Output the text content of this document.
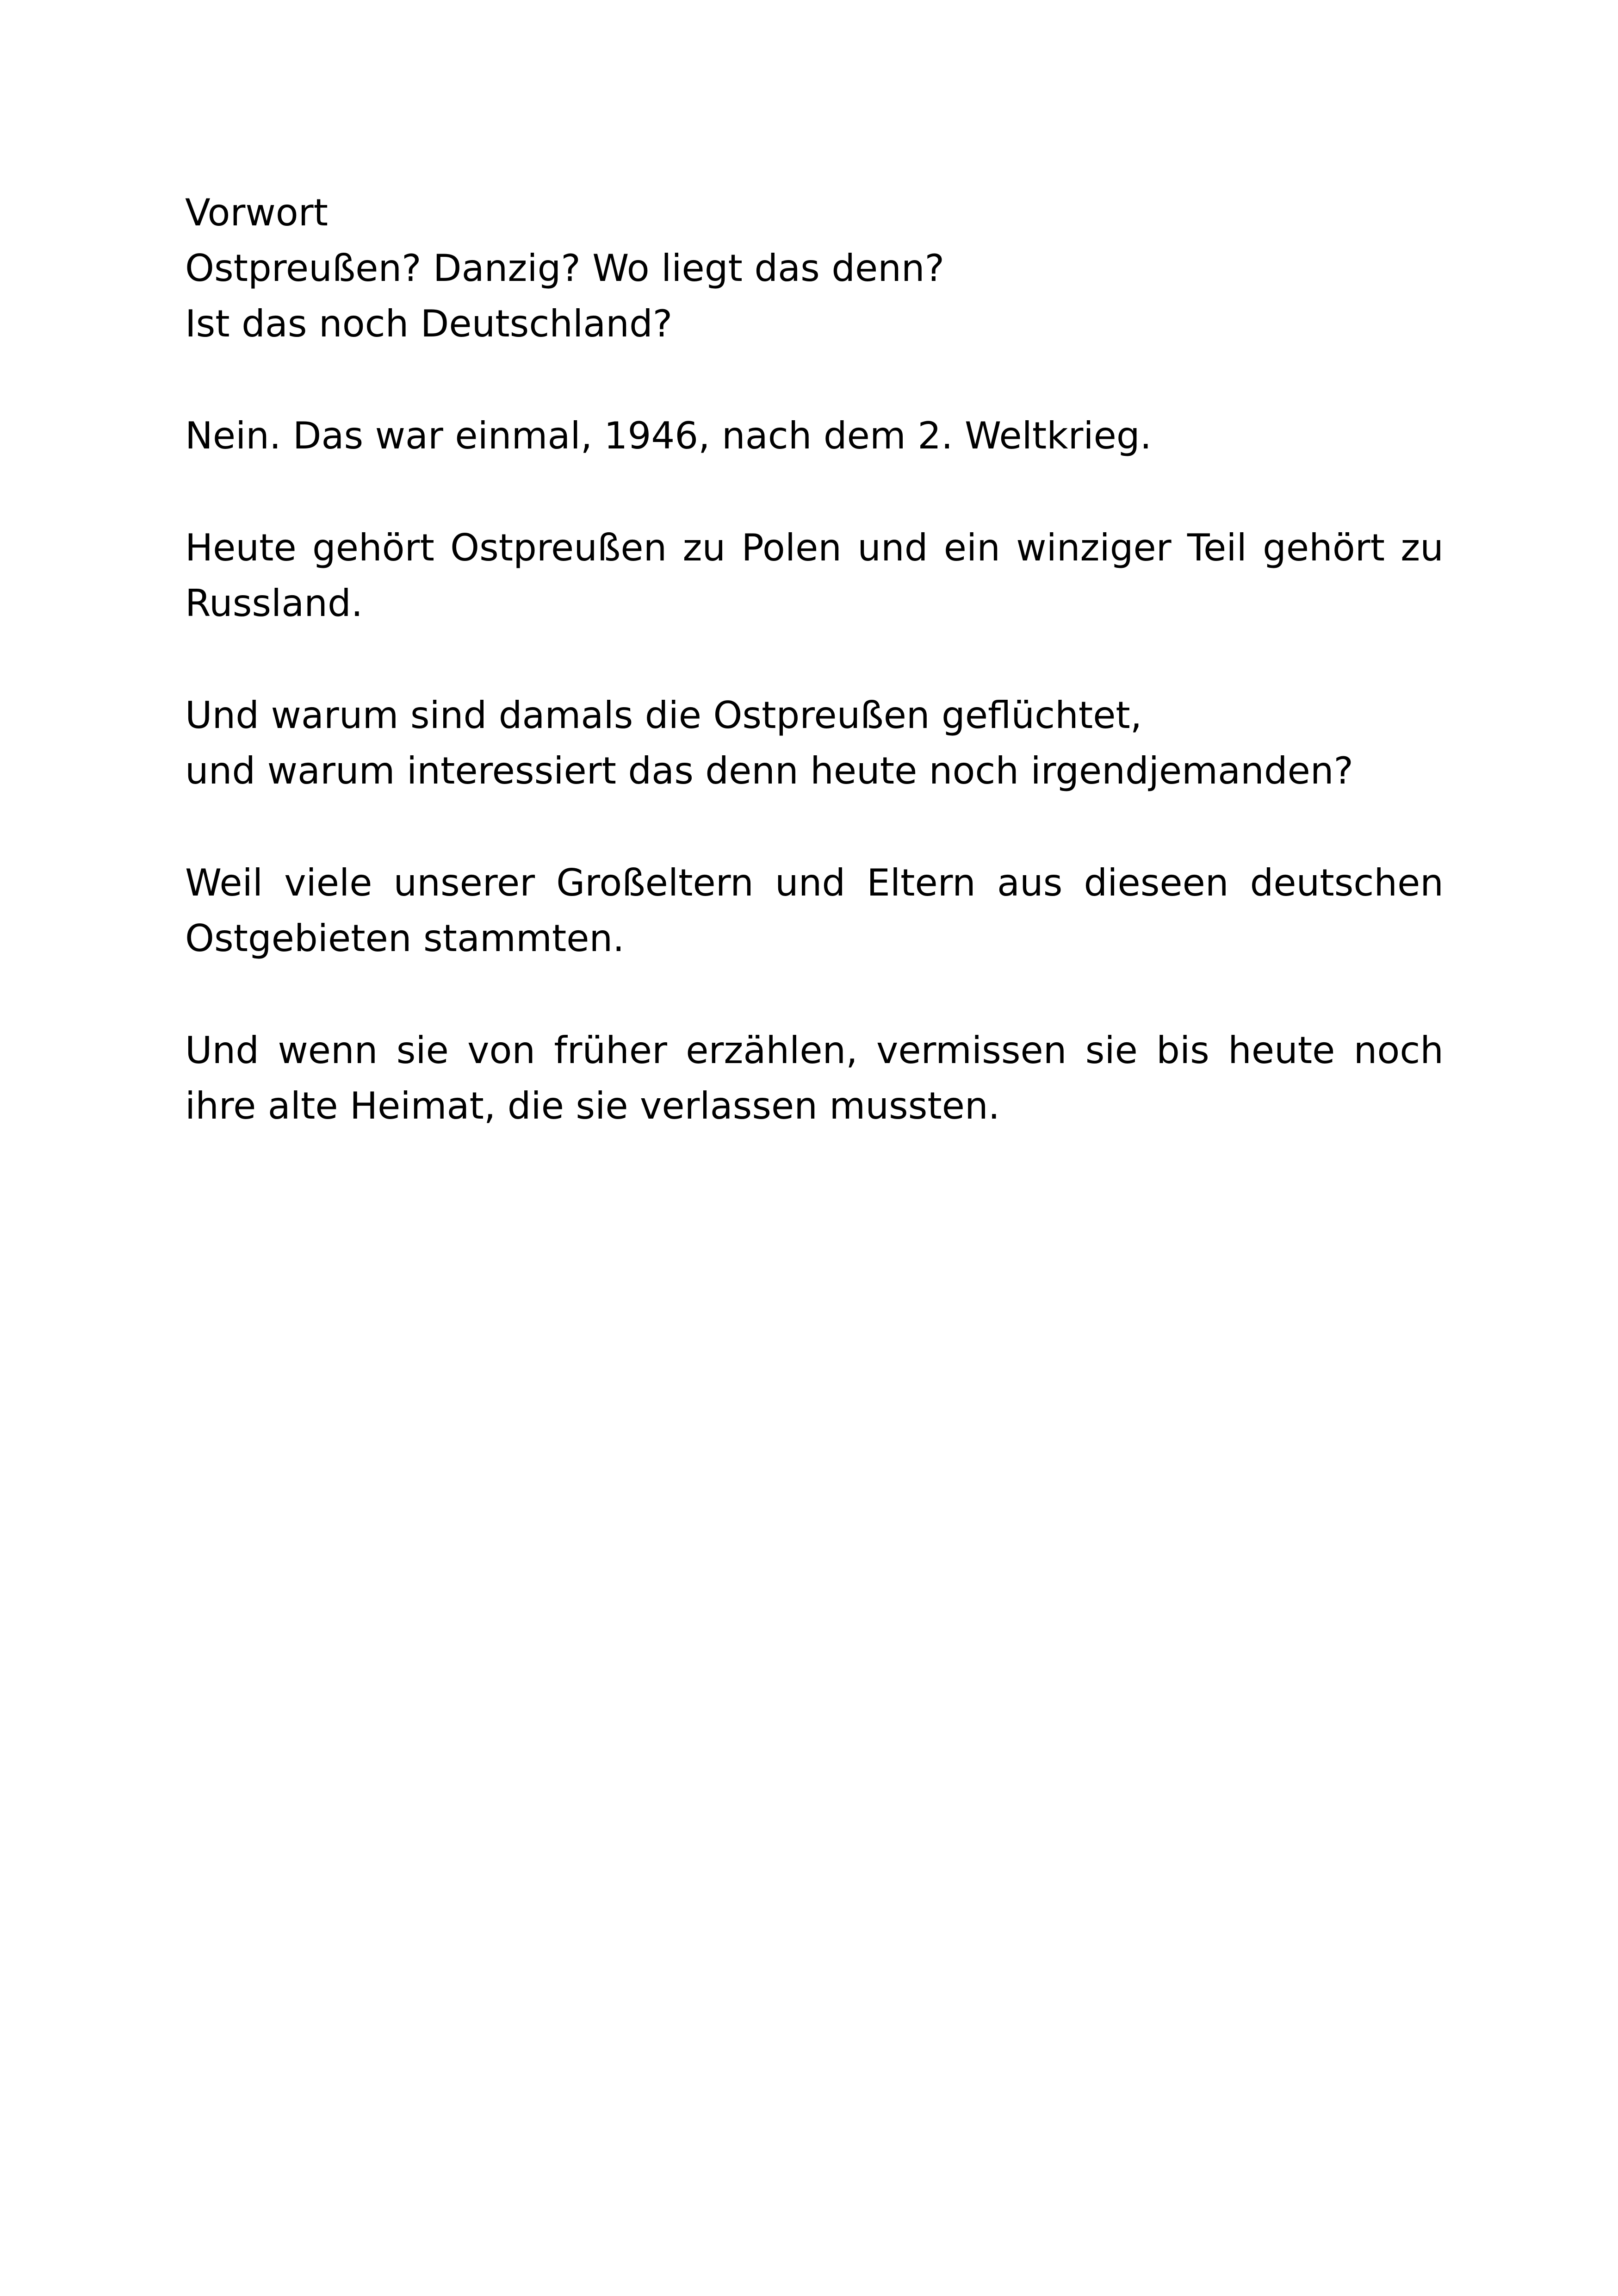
Vorwort
Ostpreußen? Danzig? Wo liegt das denn?
Ist das noch Deutschland?

Nein. Das war einmal, 1946, nach dem 2. Weltkrieg.

Heute gehört Ostpreußen zu Polen und ein winziger Teil gehört zu Russland.

Und warum sind damals die Ostpreußen geflüchtet,
und warum interessiert das denn heute noch irgendjemanden?

Weil viele unserer Großeltern und Eltern aus dieseen deutschen Ostgebieten stammten.

Und wenn sie von früher erzählen, vermissen sie bis heute noch ihre alte Heimat, die sie verlassen mussten.
